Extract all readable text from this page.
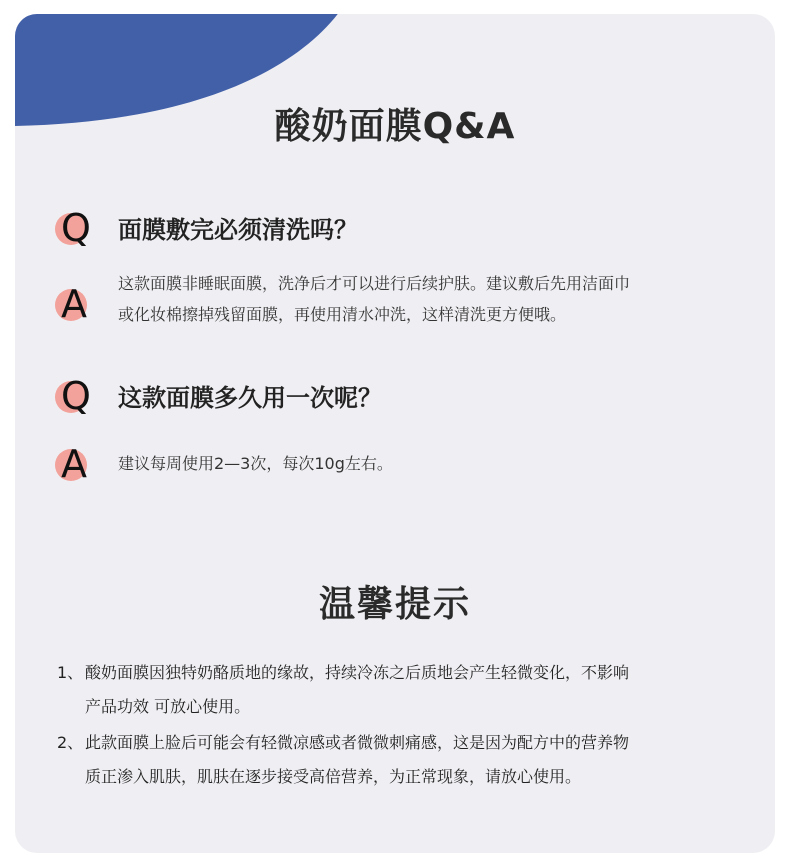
酸奶面膜Q&A
Q 面膜敷完必须清洗吗？
A 这款面膜非睡眠面膜，洗净后才可以进行后续护肤。建议敷后先用洁面巾
或化妆棉擦掉残留面膜，再使用清水冲洗，这样清洗更方便哦。
Q 这款面膜多久用一次呢？
A 建议每周使用2—3次，每次10g左右。
温馨提示
1、 酸奶面膜因独特奶酪质地的缘故，持续冷冻之后质地会产生轻微变化，不影响
产品功效 可放心使用。
2、 此款面膜上脸后可能会有轻微凉感或者微微刺痛感，这是因为配方中的营养物
质正渗入肌肤，肌肤在逐步接受高倍营养，为正常现象，请放心使用。
